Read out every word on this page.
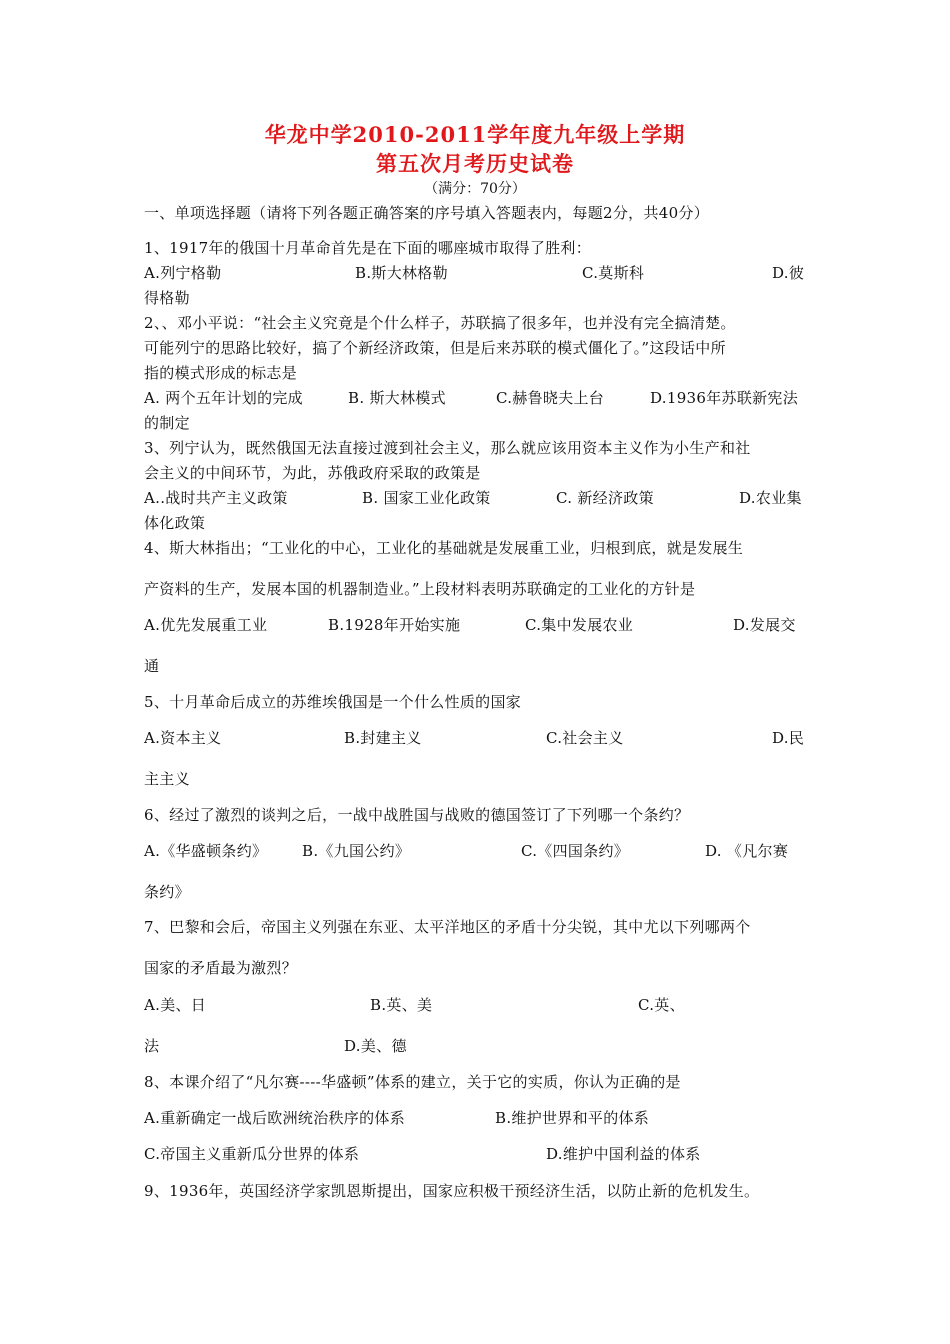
华龙中学2010-2011学年度九年级上学期
第五次月考历史试卷
（满分：70分）
一、单项选择题（请将下列各题正确答案的序号填入答题表内，每题2分，共40分）
1、1917年的俄国十月革命首先是在下面的哪座城市取得了胜利：
A.列宁格勒	B.斯大林格勒	C.莫斯科	D.彼
得格勒
2、、邓小平说：“社会主义究竟是个什么样子，苏联搞了很多年，也并没有完全搞清楚。
可能列宁的思路比较好，搞了个新经济政策，但是后来苏联的模式僵化了。”这段话中所
指的模式形成的标志是
A. 两个五年计划的完成	B. 斯大林模式	C.赫鲁晓夫上台	D.1936年苏联新宪法
的制定
3、列宁认为，既然俄国无法直接过渡到社会主义，那么就应该用资本主义作为小生产和社
会主义的中间环节，为此，苏俄政府采取的政策是
A..战时共产主义政策	B. 国家工业化政策	C. 新经济政策	D.农业集
体化政策
4、斯大林指出；“工业化的中心，工业化的基础就是发展重工业，归根到底，就是发展生
产资料的生产，发展本国的机器制造业。”上段材料表明苏联确定的工业化的方针是
A.优先发展重工业	B.1928年开始实施	C.集中发展农业	D.发展交
通
5、十月革命后成立的苏维埃俄国是一个什么性质的国家
A.资本主义	B.封建主义	C.社会主义	D.民
主主义
6、经过了激烈的谈判之后，一战中战胜国与战败的德国签订了下列哪一个条约？
A.《华盛顿条约》 B.《九国公约》	C.《四国条约》	D. 《凡尔赛
条约》
7、巴黎和会后，帝国主义列强在东亚、太平洋地区的矛盾十分尖锐，其中尤以下列哪两个
国家的矛盾最为激烈？
A.美、日	B.英、美	C.英、
法	D.美、德
8、本课介绍了“凡尔赛----华盛顿”体系的建立，关于它的实质，你认为正确的是
A.重新确定一战后欧洲统治秩序的体系	B.维护世界和平的体系
C.帝国主义重新瓜分世界的体系	D.维护中国利益的体系
9、1936年，英国经济学家凯恩斯提出，国家应积极干预经济生活，以防止新的危机发生。
